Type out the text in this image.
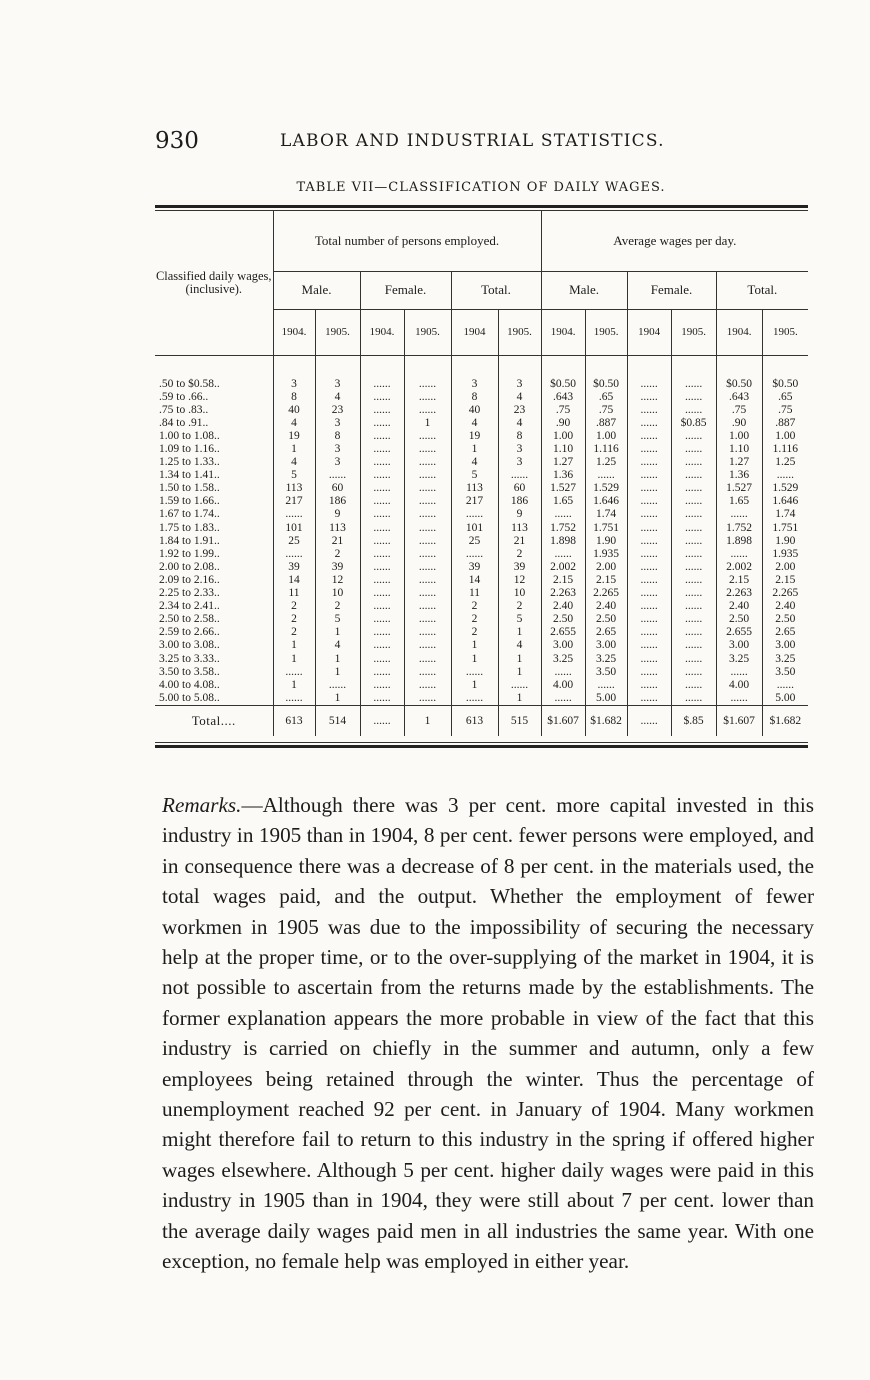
930	LABOR AND INDUSTRIAL STATISTICS.
TABLE VII—CLASSIFICATION OF DAILY WAGES.
Classified daily wages, (inclusive).	Total number of persons employed.						Average wages per day.					
	Male.		Female.		Total.		Male.		Female.		Total.	
	1904.	1905.	1904.	1905.	1904	1905.	1904.	1905.	1904	1905.	1904.	1905.

.50 to $0.58..	3	3	......	......	3	3	$0.50	$0.50	......	......	$0.50	$0.50
.59 to .66..	8	4	......	......	8	4	.643	.65	......	......	.643	.65
.75 to .83..	40	23	......	......	40	23	.75	.75	......	......	.75	.75
.84 to .91..	4	3	......	1	4	4	.90	.887	......	$0.85	.90	.887
1.00 to 1.08..	19	8	......	......	19	8	1.00	1.00	......	......	1.00	1.00
1.09 to 1.16..	1	3	......	......	1	3	1.10	1.116	......	......	1.10	1.116
1.25 to 1.33..	4	3	......	......	4	3	1.27	1.25	......	......	1.27	1.25
1.34 to 1.41..	5	......	......	......	5	......	1.36	......	......	......	1.36	......
1.50 to 1.58..	113	60	......	......	113	60	1.527	1.529	......	......	1.527	1.529
1.59 to 1.66..	217	186	......	......	217	186	1.65	1.646	......	......	1.65	1.646
1.67 to 1.74..	......	9	......	......	......	9	......	1.74	......	......	......	1.74
1.75 to 1.83..	101	113	......	......	101	113	1.752	1.751	......	......	1.752	1.751
1.84 to 1.91..	25	21	......	......	25	21	1.898	1.90	......	......	1.898	1.90
1.92 to 1.99..	......	2	......	......	......	2	......	1.935	......	......	......	1.935
2.00 to 2.08..	39	39	......	......	39	39	2.002	2.00	......	......	2.002	2.00
2.09 to 2.16..	14	12	......	......	14	12	2.15	2.15	......	......	2.15	2.15
2.25 to 2.33..	11	10	......	......	11	10	2.263	2.265	......	......	2.263	2.265
2.34 to 2.41..	2	2	......	......	2	2	2.40	2.40	......	......	2.40	2.40
2.50 to 2.58..	2	5	......	......	2	5	2.50	2.50	......	......	2.50	2.50
2.59 to 2.66..	2	1	......	......	2	1	2.655	2.65	......	......	2.655	2.65
3.00 to 3.08..	1	4	......	......	1	4	3.00	3.00	......	......	3.00	3.00
3.25 to 3.33..	1	1	......	......	1	1	3.25	3.25	......	......	3.25	3.25
3.50 to 3.58..	......	1	......	......	......	1	......	3.50	......	......	......	3.50
4.00 to 4.08..	1	......	......	......	1	......	4.00	......	......	......	4.00	......
5.00 to 5.08..	......	1	......	......	......	1	......	5.00	......	......	......	5.00
Total....	613	514	......	1	613	515	$1.607	$1.682	......	$.85	$1.607	$1.682

Remarks.—Although there was 3 per cent. more capital invested in this industry in 1905 than in 1904, 8 per cent. fewer persons were employed, and in consequence there was a decrease of 8 per cent. in the materials used, the total wages paid, and the output. Whether the employment of fewer workmen in 1905 was due to the impossibility of securing the necessary help at the proper time, or to the over-supplying of the market in 1904, it is not possible to ascertain from the returns made by the establishments. The former explanation appears the more probable in view of the fact that this industry is carried on chiefly in the summer and autumn, only a few employees being retained through the winter. Thus the percentage of unemployment reached 92 per cent. in January of 1904. Many workmen might therefore fail to return to this industry in the spring if offered higher wages elsewhere. Although 5 per cent. higher daily wages were paid in this industry in 1905 than in 1904, they were still about 7 per cent. lower than the average daily wages paid men in all industries the same year. With one exception, no female help was employed in either year.
